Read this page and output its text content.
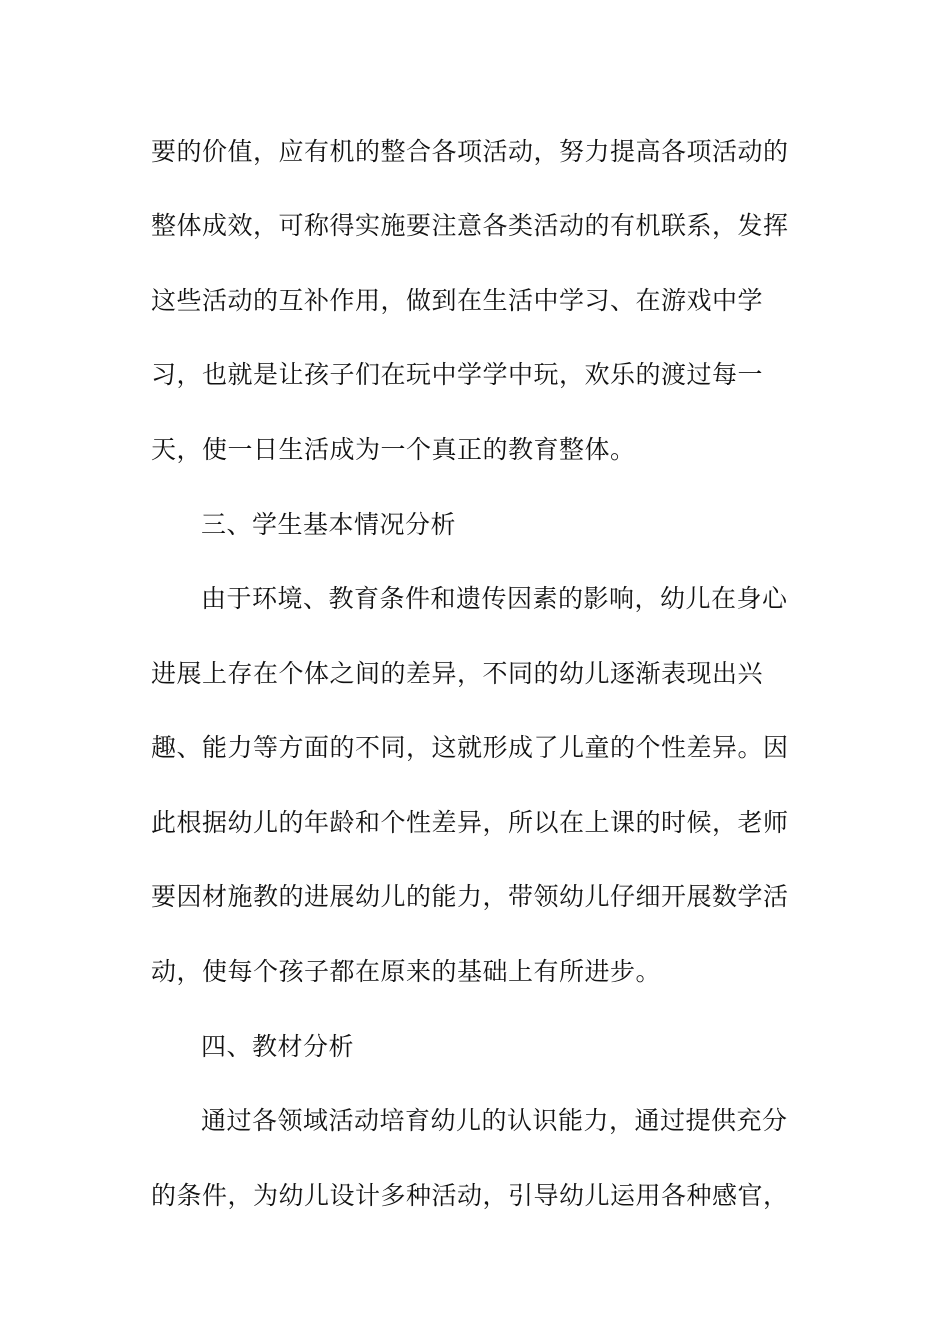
要的价值，应有机的整合各项活动，努力提高各项活动的
整体成效，可称得实施要注意各类活动的有机联系，发挥
这些活动的互补作用，做到在生活中学习、在游戏中学
习，也就是让孩子们在玩中学学中玩，欢乐的渡过每一
天，使一日生活成为一个真正的教育整体。
三、学生基本情况分析
由于环境、教育条件和遗传因素的影响，幼儿在身心
进展上存在个体之间的差异，不同的幼儿逐渐表现出兴
趣、能力等方面的不同，这就形成了儿童的个性差异。因
此根据幼儿的年龄和个性差异，所以在上课的时候，老师
要因材施教的进展幼儿的能力，带领幼儿仔细开展数学活
动，使每个孩子都在原来的基础上有所进步。
四、教材分析
通过各领域活动培育幼儿的认识能力，通过提供充分
的条件，为幼儿设计多种活动，引导幼儿运用各种感官，
